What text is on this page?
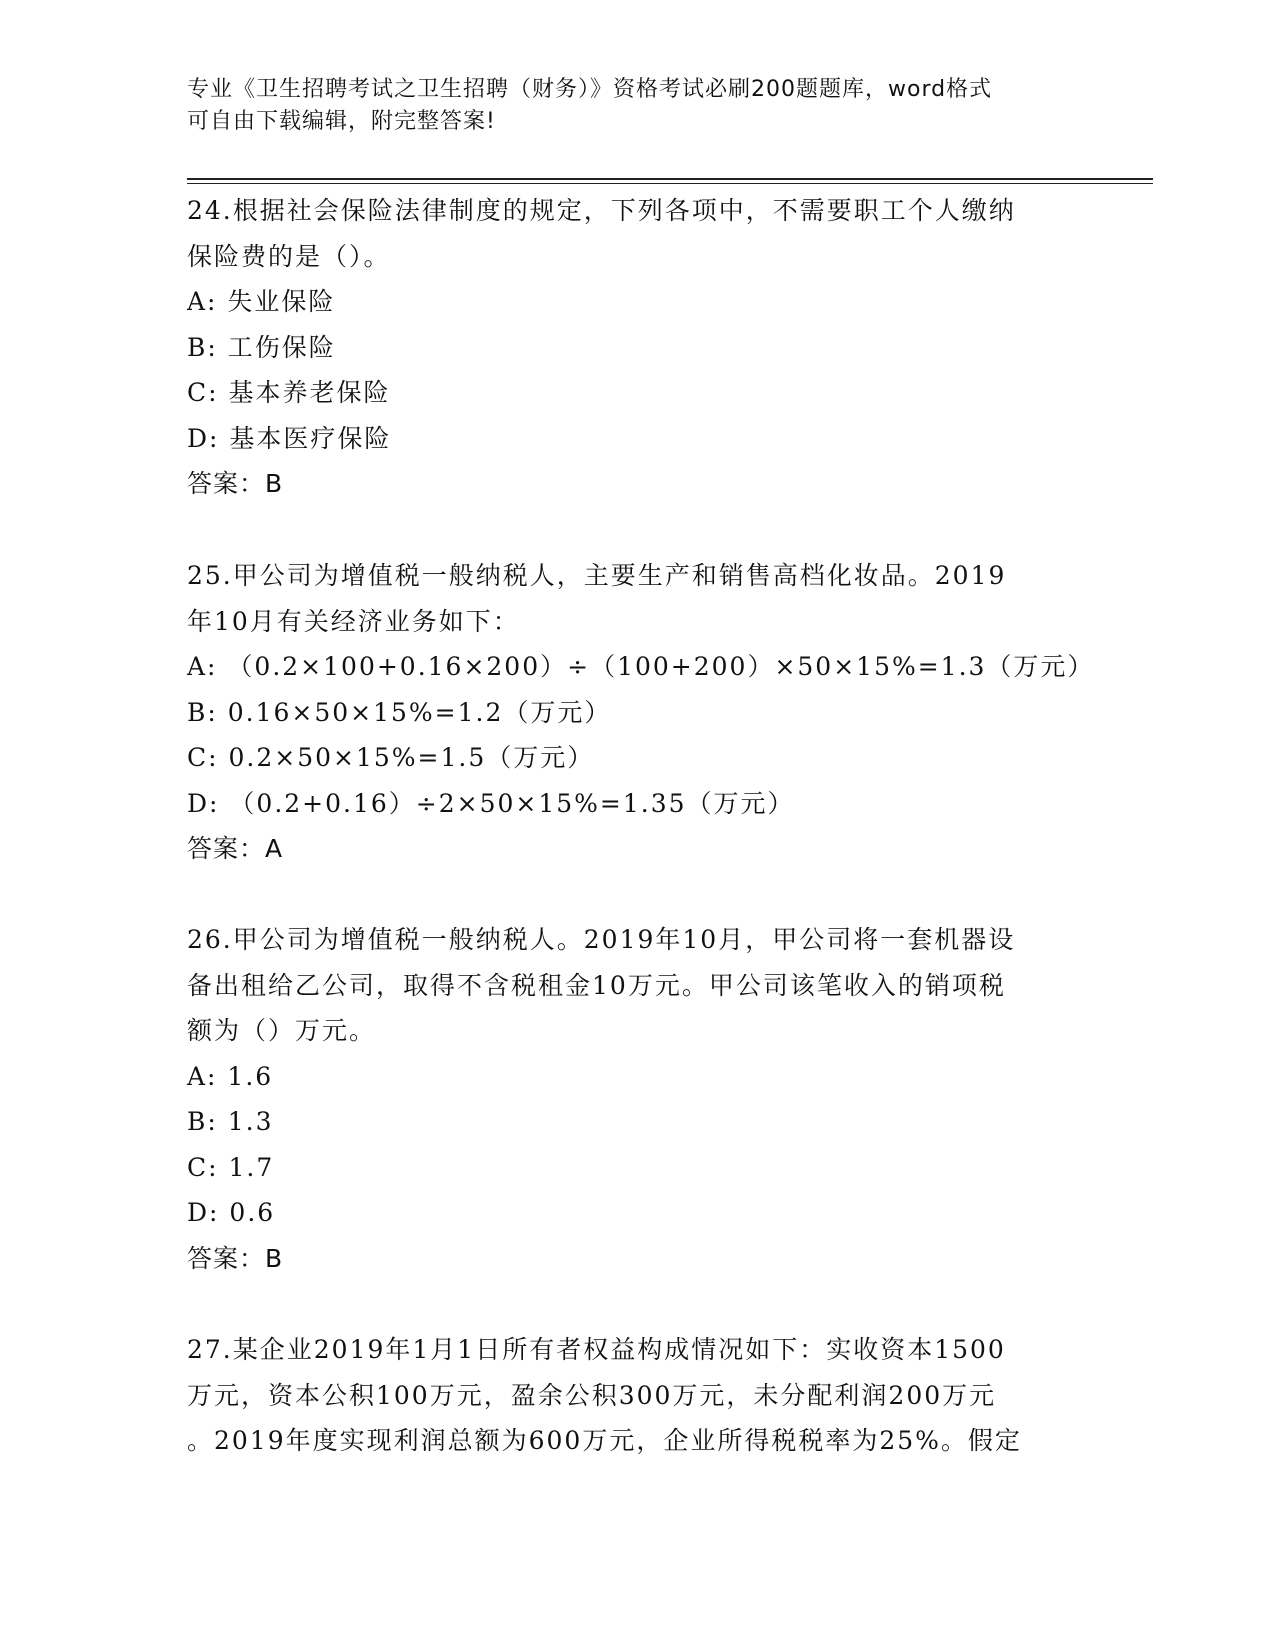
专业《卫生招聘考试之卫生招聘（财务）》资格考试必刷200题题库，word格式
可自由下载编辑，附完整答案!
24.根据社会保险法律制度的规定，下列各项中，不需要职工个人缴纳
保险费的是（）。
A: 失业保险
B: 工伤保险
C: 基本养老保险
D: 基本医疗保险
答案：B
25.甲公司为增值税一般纳税人，主要生产和销售高档化妆品。2019
年10月有关经济业务如下：
A: （0.2×100+0.16×200）÷（100+200）×50×15%=1.3（万元）
B: 0.16×50×15%=1.2（万元）
C: 0.2×50×15%=1.5（万元）
D: （0.2+0.16）÷2×50×15%=1.35（万元）
答案：A
26.甲公司为增值税一般纳税人。2019年10月，甲公司将一套机器设
备出租给乙公司，取得不含税租金10万元。甲公司该笔收入的销项税
额为（）万元。
A: 1.6
B: 1.3
C: 1.7
D: 0.6
答案：B
27.某企业2019年1月1日所有者权益构成情况如下：实收资本1500
万元，资本公积100万元，盈余公积300万元，未分配利润200万元
。2019年度实现利润总额为600万元，企业所得税税率为25%。假定
